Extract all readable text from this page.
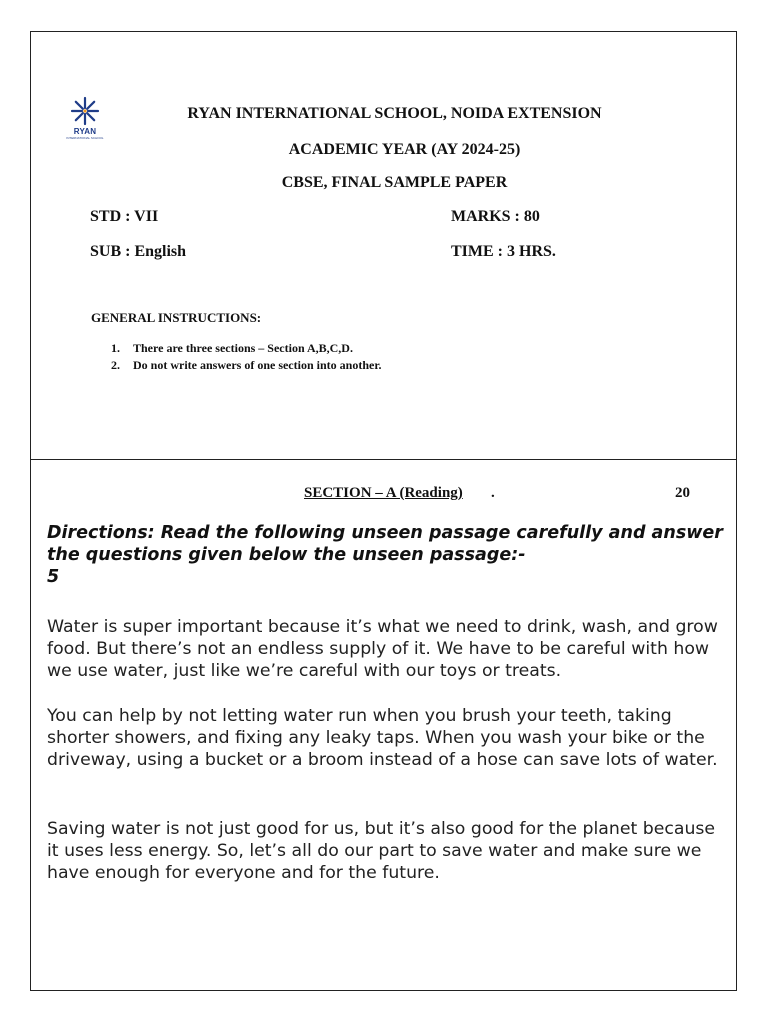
RYAN
INTERNATIONAL SCHOOL
RYAN INTERNATIONAL SCHOOL, NOIDA EXTENSION
ACADEMIC YEAR (AY 2024-25)
CBSE, FINAL SAMPLE PAPER
STD : VII	MARKS : 80
SUB : English	TIME : 3 HRS.
GENERAL INSTRUCTIONS:
1. There are three sections – Section A,B,C,D.
2. Do not write answers of one section into another.
SECTION – A (Reading) .	20
Directions: Read the following unseen passage carefully and answer the questions given below the unseen passage:-
5
Water is super important because it’s what we need to drink, wash, and grow food. But there’s not an endless supply of it. We have to be careful with how we use water, just like we’re careful with our toys or treats.
You can help by not letting water run when you brush your teeth, taking shorter showers, and fixing any leaky taps. When you wash your bike or the driveway, using a bucket or a broom instead of a hose can save lots of water.
Saving water is not just good for us, but it’s also good for the planet because it uses less energy. So, let’s all do our part to save water and make sure we have enough for everyone and for the future.
